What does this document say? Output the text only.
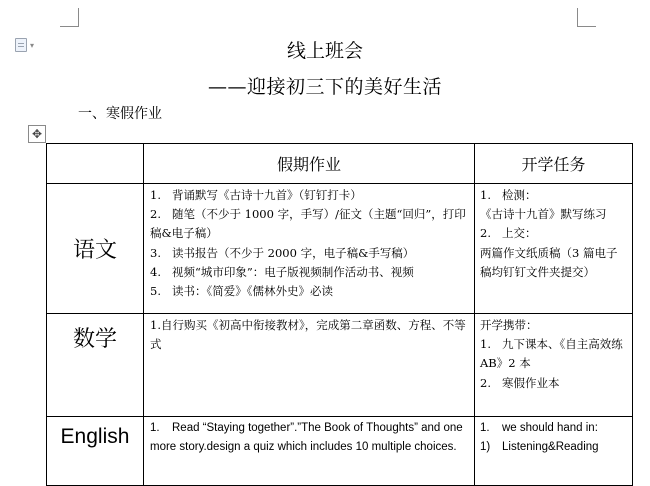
▾	线上班会
——迎接初三下的美好生活
一、寒假作业
✥
	假期作业	开学任务
语文	1. 背诵默写《古诗十九首》（钉钉打卡）
2. 随笔（不少于 1000 字，手写）/征文（主题“回归”，打印稿&电子稿）
3. 读书报告（不少于 2000 字，电子稿&手写稿）
4. 视频“城市印象”：电子版视频制作活动书、视频
5. 读书：《简爱》《儒林外史》必读	1. 检测：
《古诗十九首》默写练习
2. 上交：
两篇作文纸质稿（3 篇电子稿均钉钉文件夹提交）

数学	1.自行购买《初高中衔接教材》，完成第二章函数、方程、不等式	开学携带：
1. 九下课本、《自主高效练 AB》2 本
2. 寒假作业本

English	1. Read “Staying together”.”The Book of Thoughts” and one more story.design a quiz which includes 10 multiple choices.	1. we should hand in:
1) Listening&Reading
